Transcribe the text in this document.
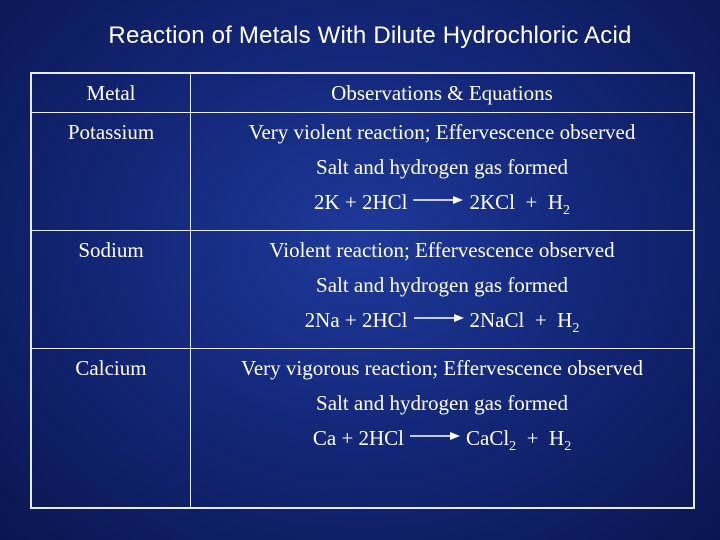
Reaction of Metals With Dilute Hydrochloric Acid
Metal	Observations & Equations
Potassium	Very violent reaction; Effervescence observed
Salt and hydrogen gas formed
$2K + 2HCl \to 2KCl + H_2$

Sodium	Violent reaction; Effervescence observed
Salt and hydrogen gas formed
2Na + 2HCl → 2NaCl + $H_2$

Calcium	Very vigorous reaction; Effervescence observed
Salt and hydrogen gas formed
Ca + 2HCl → CaCl$_2$ + $H_2$
